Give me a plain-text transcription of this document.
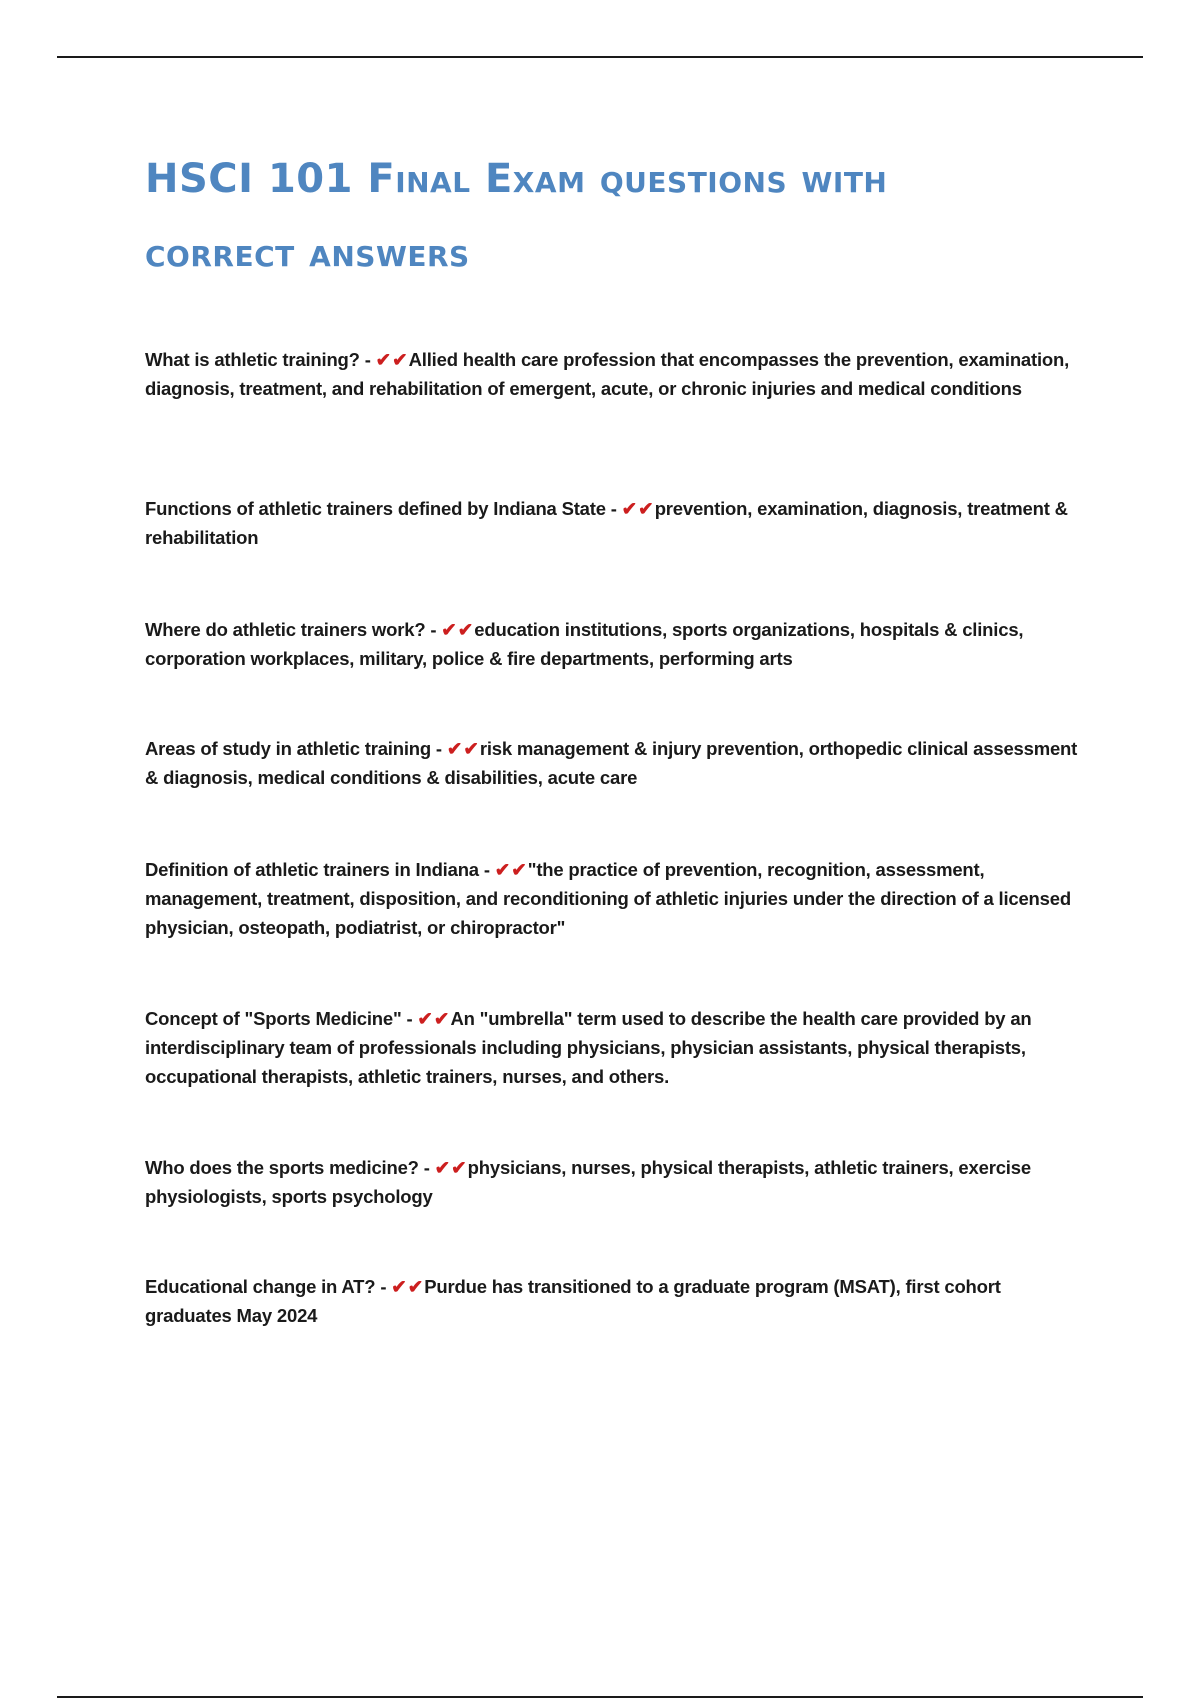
HSCI 101 Final Exam questions with correct answers

What is athletic training? - ✔✔Allied health care profession that encompasses the prevention, examination, diagnosis, treatment, and rehabilitation of emergent, acute, or chronic injuries and medical conditions

Functions of athletic trainers defined by Indiana State - ✔✔prevention, examination, diagnosis, treatment & rehabilitation

Where do athletic trainers work? - ✔✔education institutions, sports organizations, hospitals & clinics, corporation workplaces, military, police & fire departments, performing arts

Areas of study in athletic training - ✔✔risk management & injury prevention, orthopedic clinical assessment & diagnosis, medical conditions & disabilities, acute care

Definition of athletic trainers in Indiana - ✔✔"the practice of prevention, recognition, assessment, management, treatment, disposition, and reconditioning of athletic injuries under the direction of a licensed physician, osteopath, podiatrist, or chiropractor"

Concept of "Sports Medicine" - ✔✔An "umbrella" term used to describe the health care provided by an interdisciplinary team of professionals including physicians, physician assistants, physical therapists, occupational therapists, athletic trainers, nurses, and others.

Who does the sports medicine? - ✔✔physicians, nurses, physical therapists, athletic trainers, exercise physiologists, sports psychology

Educational change in AT? - ✔✔Purdue has transitioned to a graduate program (MSAT), first cohort graduates May 2024
